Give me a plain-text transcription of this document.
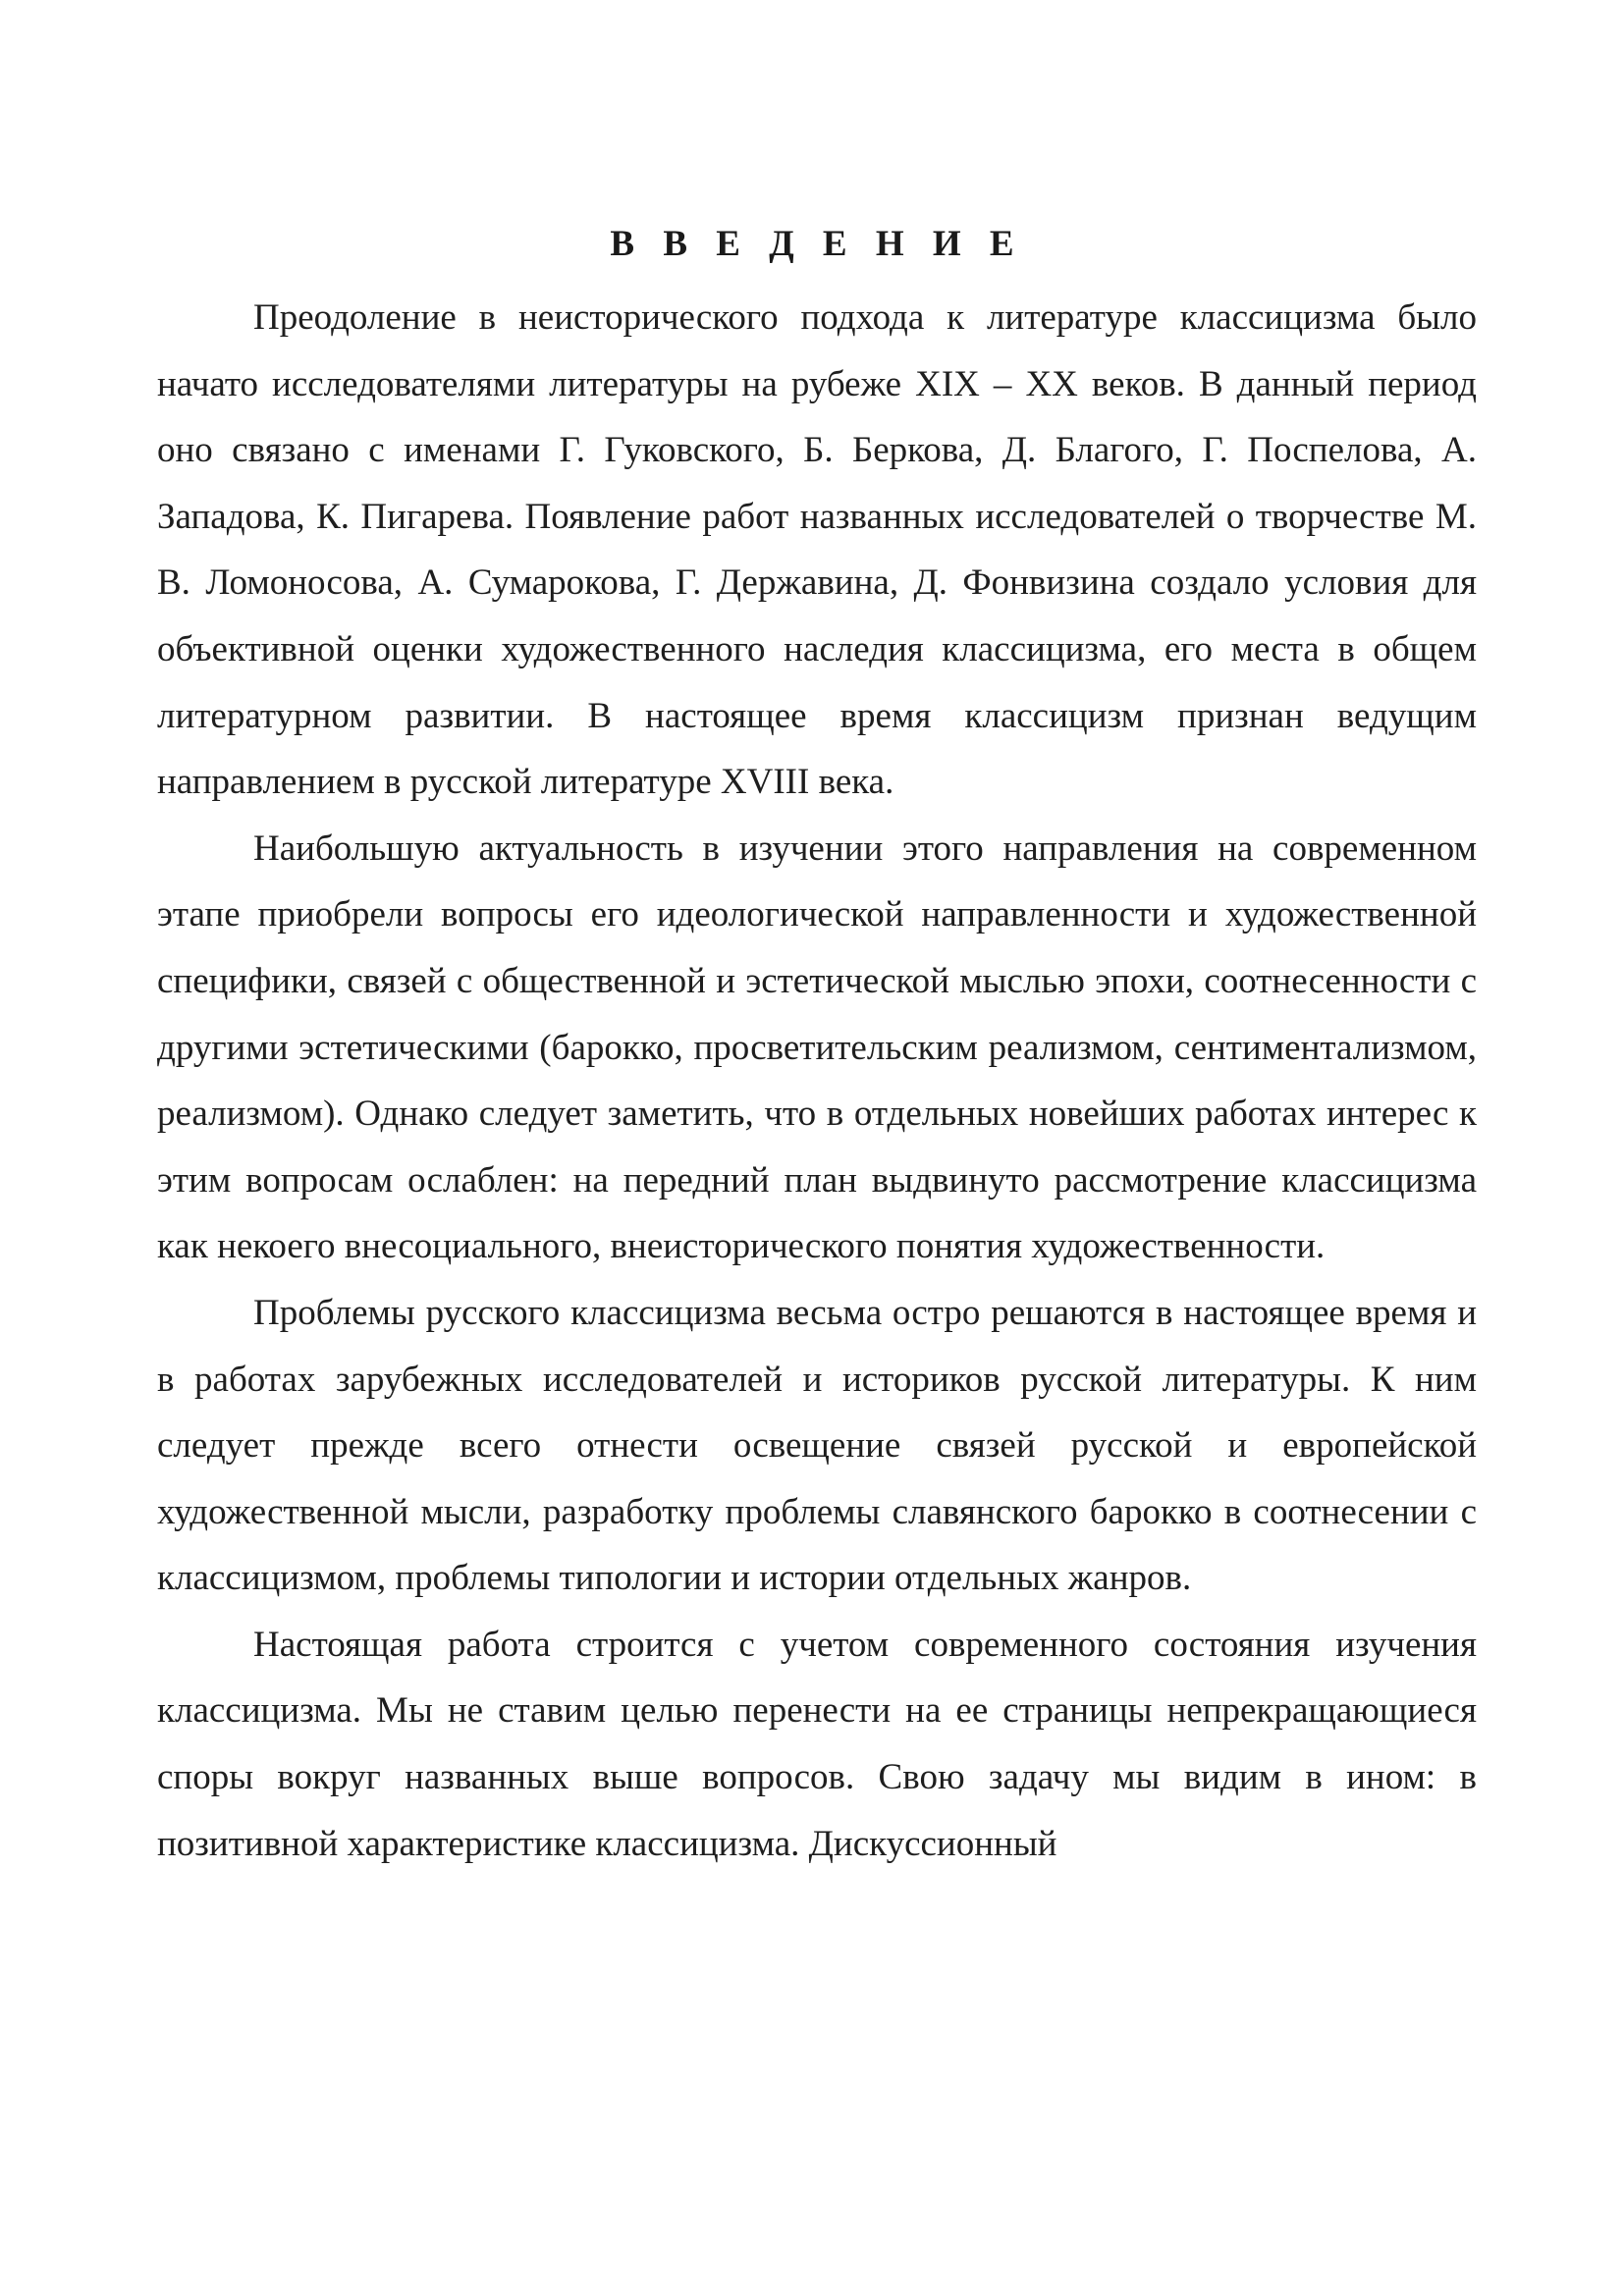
В В Е Д Е Н И Е

Преодоление в неисторического подхода к литературе классицизма было начато исследователями литературы на рубеже XIX – XX веков. В данный период оно связано с именами Г. Гуковского, Б. Беркова, Д. Благого, Г. Поспелова, А. Западова, К. Пигарева. Появление работ названных исследователей о творчестве М. В. Ломоносова, А. Сумарокова, Г. Державина, Д. Фонвизина создало условия для объективной оценки художественного наследия классицизма, его места в общем литературном развитии. В настоящее время классицизм признан ведущим направлением в русской литературе XVIII века.

Наибольшую актуальность в изучении этого направления на современном этапе приобрели вопросы его идеологической направленности и художественной специфики, связей с общественной и эстетической мыслью эпохи, соотнесенности с другими эстетическими (барокко, просветительским реализмом, сентиментализмом, реализмом). Однако следует заметить, что в отдельных новейших работах интерес к этим вопросам ослаблен: на передний план выдвинуто рассмотрение классицизма как некоего внесоциального, внеисторического понятия художественности.

Проблемы русского классицизма весьма остро решаются в настоящее время и в работах зарубежных исследователей и историков русской литературы. К ним следует прежде всего отнести освещение связей русской и европейской художественной мысли, разработку проблемы славянского барокко в соотнесении с классицизмом, проблемы типологии и истории отдельных жанров.

Настоящая работа строится с учетом современного состояния изучения классицизма. Мы не ставим целью перенести на ее страницы непрекращающиеся споры вокруг названных выше вопросов. Свою задачу мы видим в ином: в позитивной характеристике классицизма. Дискуссионный
